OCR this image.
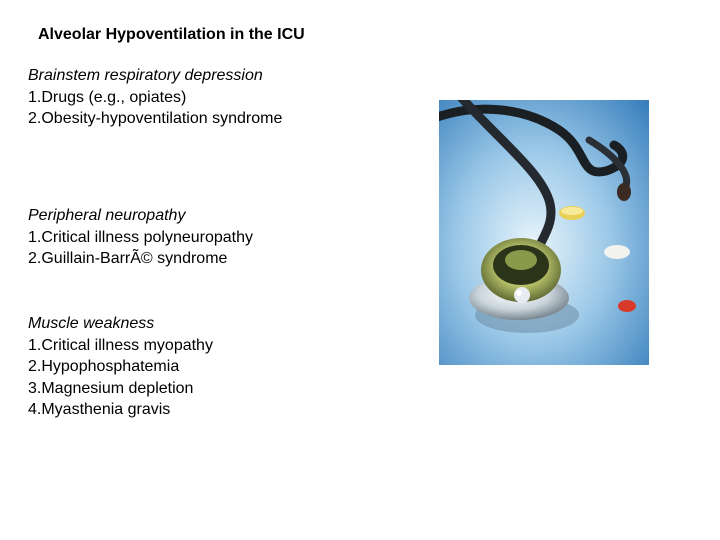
Alveolar Hypoventilation in the ICU
Brainstem respiratory depression
1.Drugs (e.g., opiates)
2.Obesity-hypoventilation syndrome
Peripheral neuropathy
1.Critical illness polyneuropathy
2.Guillain-BarrÃ© syndrome
Muscle weakness
1.Critical illness myopathy
2.Hypophosphatemia
3.Magnesium depletion
4.Myasthenia gravis
